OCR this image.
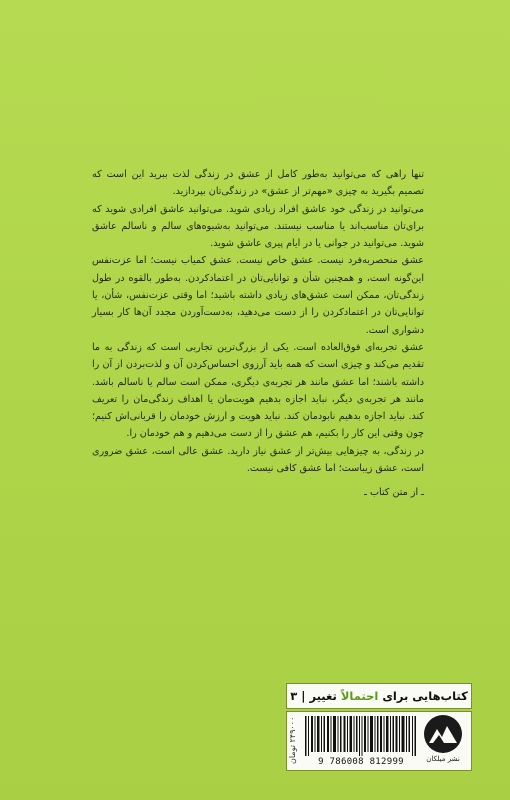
تنها راهی که می‌توانید به‌طور کامل از عشق در زندگی لذت ببرید این است که تصمیم بگیرید به چیزی «مهم‌تر از عشق» در زندگی‌تان بپردازید.

می‌توانید در زندگی خود عاشق افراد زیادی شوید. می‌توانید عاشق افرادی شوید که برای‌تان مناسب‌اند یا مناسب نیستند. می‌توانید به‌شیوه‌های سالم و ناسالم عاشق شوید. می‌توانید در جوانی یا در ایام پیری عاشق شوید.

عشق منحصربه‌فرد نیست. عشق خاص نیست. عشق کمیاب نیست؛ اما عزت‌نفس این‌گونه است، و همچنین شأن و توانایی‌تان در اعتمادکردن. به‌طور بالقوه در طول زندگی‌تان، ممکن است عشق‌های زیادی داشته باشید؛ اما وقتی عزت‌نفس، شأن، یا توانایی‌تان در اعتمادکردن را از دست می‌دهید، به‌دست‌آوردن مجدد آن‌ها کار بسیار دشواری است.

عشق تجربه‌ای فوق‌العاده است. یکی از بزرگ‌ترین تجاربی است که زندگی به ما تقدیم می‌کند و چیزی است که همه باید آرزوی احساس‌کردن آن و لذت‌بردن از آن را داشته باشند؛ اما عشق مانند هر تجربه‌ی دیگری، ممکن است سالم یا ناسالم باشد. مانند هر تجربه‌ی دیگر، نباید اجازه بدهیم هویت‌مان یا اهداف زندگی‌مان را تعریف کند. نباید اجازه بدهیم نابودمان کند. نباید هویت و ارزش خودمان را قربانی‌اش کنیم؛ چون وقتی این کار را بکنیم، هم عشق را از دست می‌دهیم و هم خودمان را.

در زندگی، به چیزهایی بیش‌تر از عشق نیاز دارید. عشق عالی است، عشق ضروری است، عشق زیباست؛ اما عشق کافی نیست.

ـ از متن کتاب ـ
کتاب‌هایی برای

احتمالاً

تغییر
|
۳
۲۴۹۰۰۰ تومان
9 786008 812999	نشر میلکان
